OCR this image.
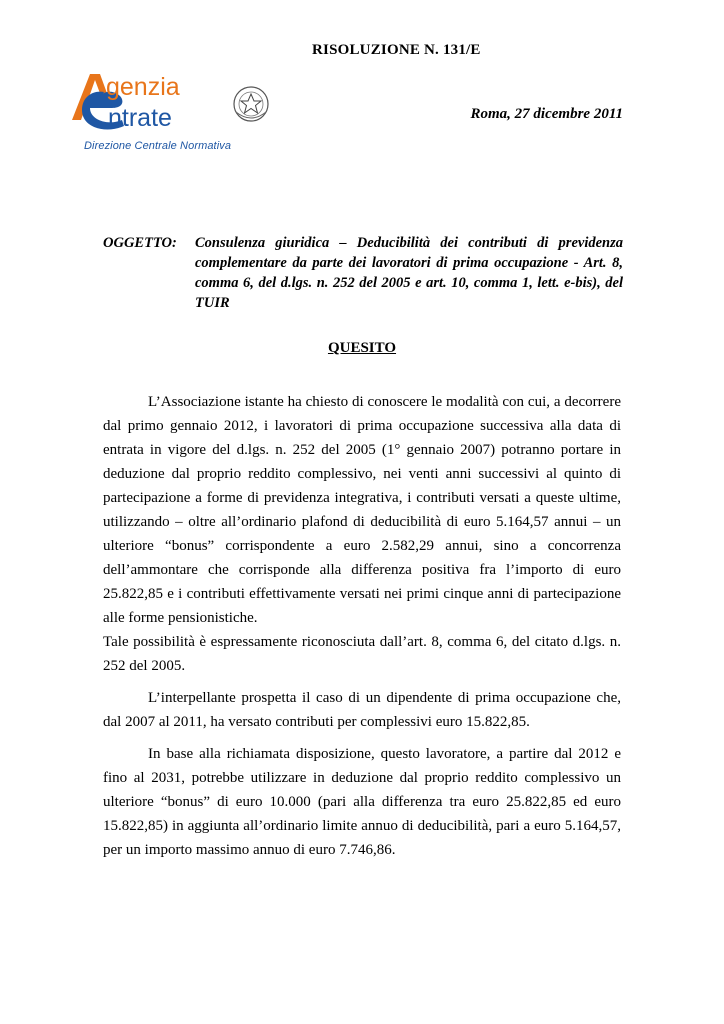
RISOLUZIONE N. 131/E
genzia
ntrate
Direzione Centrale Normativa
Roma, 27 dicembre 2011
OGGETTO: Consulenza giuridica – Deducibilità dei contributi di previdenza complementare da parte dei lavoratori di prima occupazione - Art. 8, comma 6, del d.lgs. n. 252 del 2005 e art. 10, comma 1, lett. e-bis), del TUIR
QUESITO

L’Associazione istante ha chiesto di conoscere le modalità con cui, a decorrere dal primo gennaio 2012, i lavoratori di prima occupazione successiva alla data di entrata in vigore del d.lgs. n. 252 del 2005 (1° gennaio 2007) potranno portare in deduzione dal proprio reddito complessivo, nei venti anni successivi al quinto di partecipazione a forme di previdenza integrativa, i contributi versati a queste ultime, utilizzando – oltre all’ordinario plafond di deducibilità di euro 5.164,57 annui – un ulteriore “bonus” corrispondente a euro 2.582,29 annui, sino a concorrenza dell’ammontare che corrisponde alla differenza positiva fra l’importo di euro 25.822,85 e i contributi effettivamente versati nei primi cinque anni di partecipazione alle forme pensionistiche.

Tale possibilità è espressamente riconosciuta dall’art. 8, comma 6, del citato d.lgs. n. 252 del 2005.

L’interpellante prospetta il caso di un dipendente di prima occupazione che, dal 2007 al 2011, ha versato contributi per complessivi euro 15.822,85.

In base alla richiamata disposizione, questo lavoratore, a partire dal 2012 e fino al 2031, potrebbe utilizzare in deduzione dal proprio reddito complessivo un ulteriore “bonus” di euro 10.000 (pari alla differenza tra euro 25.822,85 ed euro 15.822,85) in aggiunta all’ordinario limite annuo di deducibilità, pari a euro 5.164,57, per un importo massimo annuo di euro 7.746,86.
